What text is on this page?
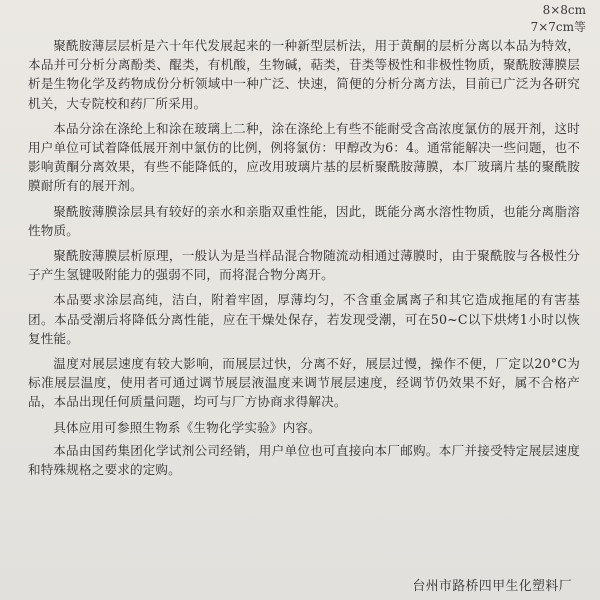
8×8cm
7×7cm等

聚酰胺薄层层析是六十年代发展起来的一种新型层析法，用于黄酮的层析分离以本品为特效，本品并可分析分离酚类、醌类，有机酸，生物碱，萜类，苷类等极性和非极性物质，聚酰胺薄膜层析是生物化学及药物成份分析领域中一种广泛、快速，简便的分析分离方法，目前已广泛为各研究机关，大专院校和药厂所采用。

本品分涂在涤纶上和涂在玻璃上二种，涂在涤纶上有些不能耐受含高浓度氯仿的展开剂，这时用户单位可试着降低展开剂中氯仿的比例，例将氯仿：甲醇改为6：4。通常能解决一些问题，也不影响黄酮分离效果，有些不能降低的，应改用玻璃片基的层析聚酰胺薄膜，本厂玻璃片基的聚酰胺膜耐所有的展开剂。

聚酰胺薄膜涂层具有较好的亲水和亲脂双重性能，因此，既能分离水溶性物质，也能分离脂溶性物质。

聚酰胺薄膜层析原理，一般认为是当样品混合物随流动相通过薄膜时，由于聚酰胺与各极性分子产生氢键吸附能力的强弱不同，而将混合物分离开。

本品要求涂层高纯，洁白，附着牢固，厚薄均匀，不含重金属离子和其它造成拖尾的有害基团。本品受潮后将降低分离性能，应在干燥处保存，若发现受潮，可在50~C以下烘烤1小时以恢复性能。

温度对展层速度有较大影响，而展层过快，分离不好，展层过慢，操作不便，厂定以20°C为标准展层温度，使用者可通过调节展层液温度来调节展层速度，经调节仍效果不好，属不合格产品，本品出现任何质量问题，均可与厂方协商求得解决。

具体应用可参照生物系《生物化学实验》内容。

本品由国药集团化学试剂公司经销，用户单位也可直接向本厂邮购。本厂并接受特定展层速度和特殊规格之要求的定购。

台州市路桥四甲生化塑料厂
